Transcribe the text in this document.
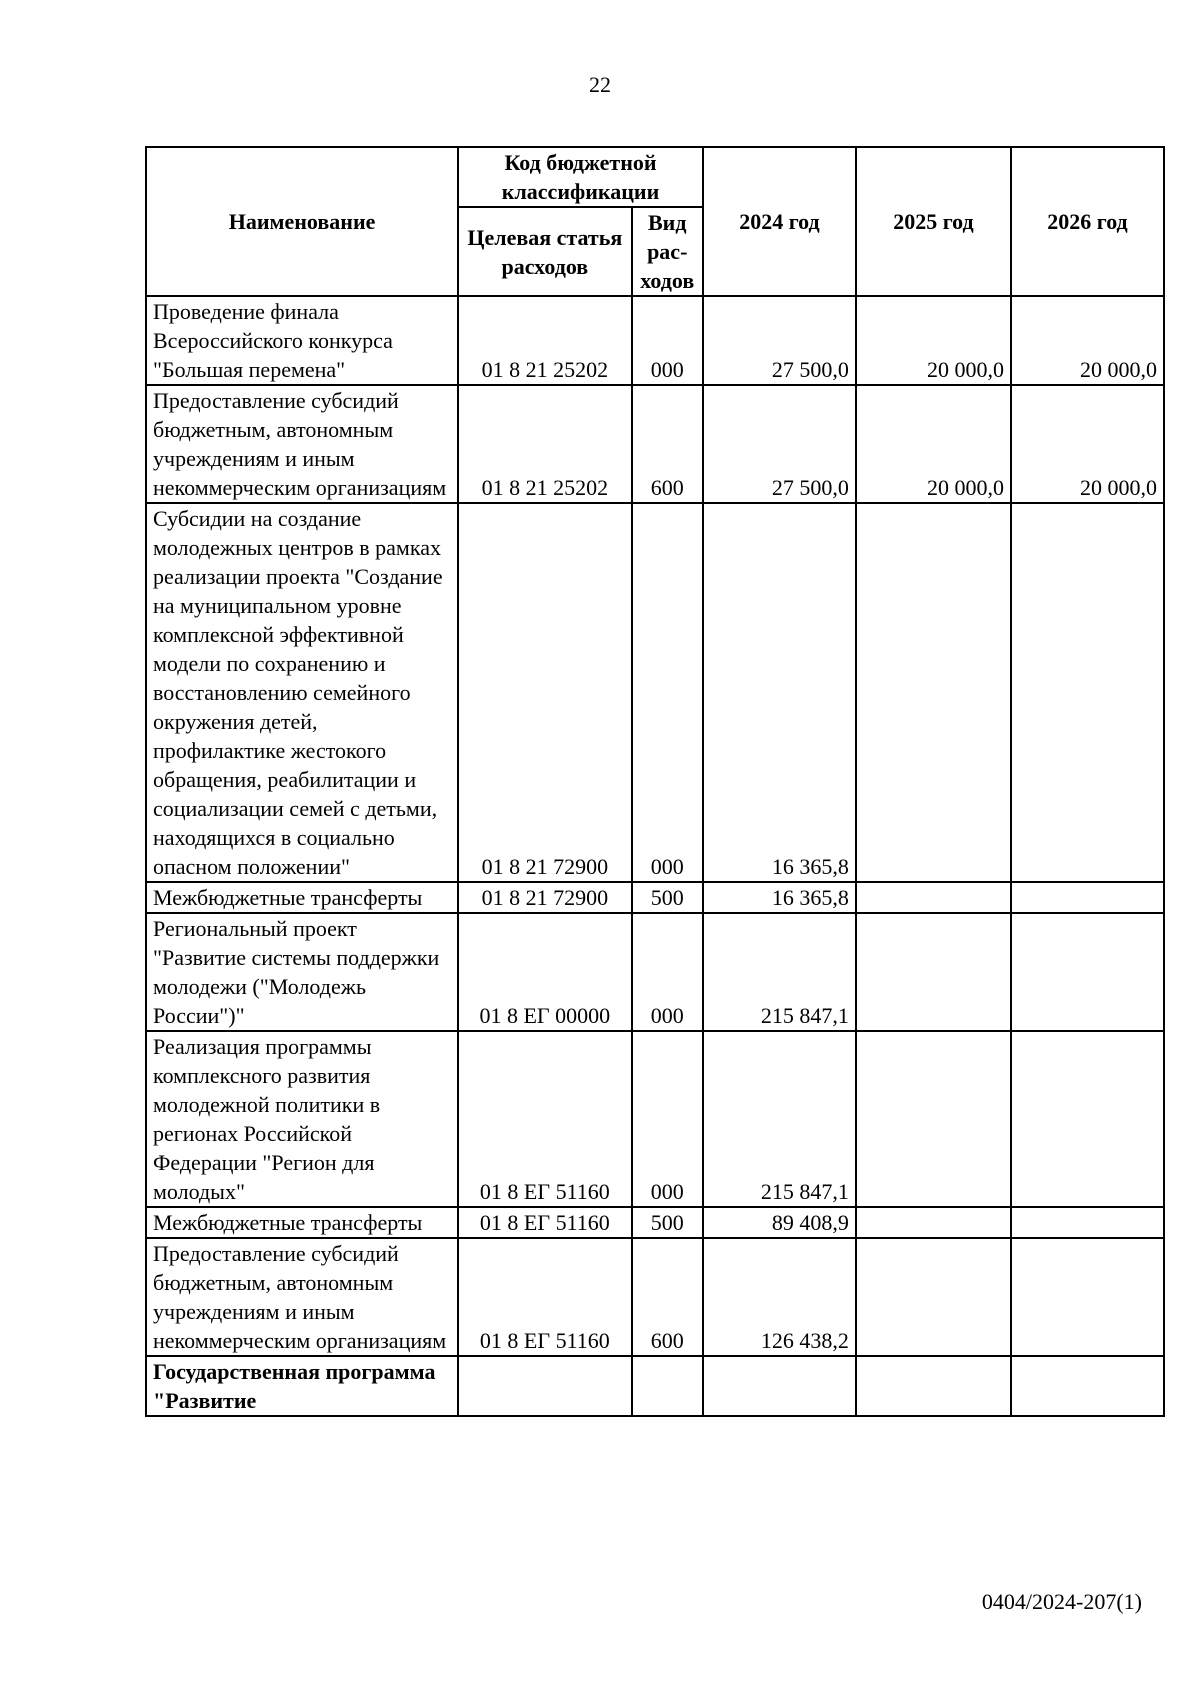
22
Наименование	Код бюджетной классификации		2024 год	2025 год	2026 год
	Целевая статья расходов	Вид рас-ходов			
Проведение финала Всероссийского конкурса "Большая перемена"	01 8 21 25202	000	27 500,0	20 000,0	20 000,0
Предоставление субсидий бюджетным, автономным учреждениям и иным некоммерческим организациям	01 8 21 25202	600	27 500,0	20 000,0	20 000,0
Субсидии на создание молодежных центров в рамках реализации проекта "Создание на муниципальном уровне комплексной эффективной модели по сохранению и восстановлению семейного окружения детей, профилактике жестокого обращения, реабилитации и социализации семей с детьми, находящихся в социально опасном положении"	01 8 21 72900	000	16 365,8		
Межбюджетные трансферты	01 8 21 72900	500	16 365,8		
Региональный проект "Развитие системы поддержки молодежи ("Молодежь России")"	01 8 ЕГ 00000	000	215 847,1		
Реализация программы комплексного развития молодежной политики в регионах Российской Федерации "Регион для молодых"	01 8 ЕГ 51160	000	215 847,1		
Межбюджетные трансферты	01 8 ЕГ 51160	500	89 408,9		
Предоставление субсидий бюджетным, автономным учреждениям и иным некоммерческим организациям	01 8 ЕГ 51160	600	126 438,2		
Государственная программа "Развитие					
0404/2024-207(1)
